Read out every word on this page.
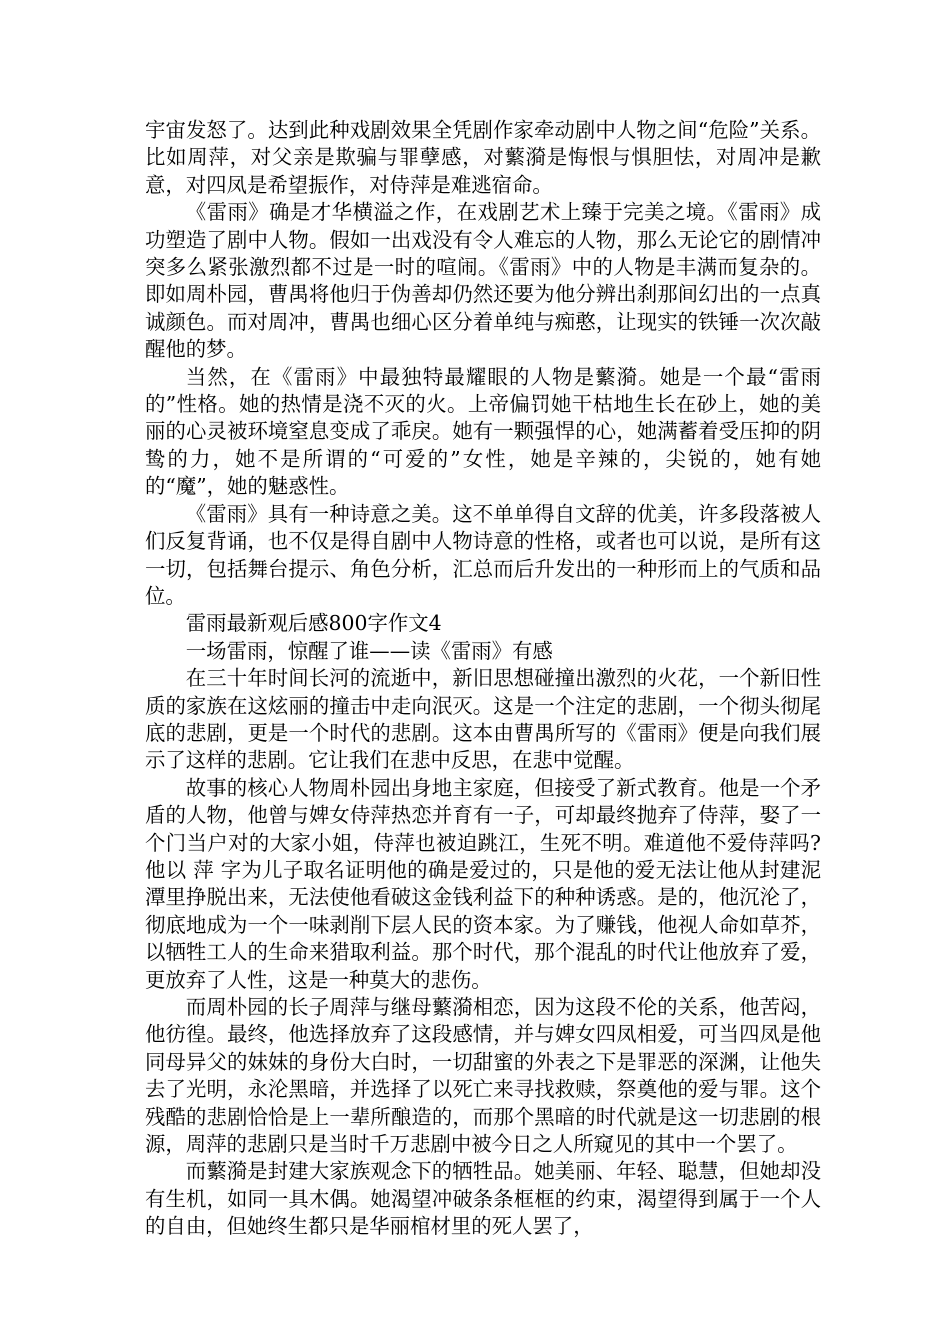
宇宙发怒了。达到此种戏剧效果全凭剧作家牵动剧中人物之间“危险”关系。比如周萍，对父亲是欺骗与罪孽感，对蘩漪是悔恨与惧胆怯，对周冲是歉意，对四凤是希望振作，对侍萍是难逃宿命。

《雷雨》确是才华横溢之作，在戏剧艺术上臻于完美之境。《雷雨》成功塑造了剧中人物。假如一出戏没有令人难忘的人物，那么无论它的剧情冲突多么紧张激烈都不过是一时的喧闹。《雷雨》中的人物是丰满而复杂的。即如周朴园，曹禺将他归于伪善却仍然还要为他分辨出刹那间幻出的一点真诚颜色。而对周冲，曹禺也细心区分着单纯与痴憨，让现实的铁锤一次次敲醒他的梦。

当然，在《雷雨》中最独特最耀眼的人物是蘩漪。她是一个最“雷雨的”性格。她的热情是浇不灭的火。上帝偏罚她干枯地生长在砂上，她的美丽的心灵被环境窒息变成了乖戾。她有一颗强悍的心，她满蓄着受压抑的阴鸷的力，她不是所谓的“可爱的”女性，她是辛辣的，尖锐的，她有她的“魔”，她的魅惑性。

《雷雨》具有一种诗意之美。这不单单得自文辞的优美，许多段落被人们反复背诵，也不仅是得自剧中人物诗意的性格，或者也可以说，是所有这一切，包括舞台提示、角色分析，汇总而后升发出的一种形而上的气质和品位。

雷雨最新观后感800字作文4

一场雷雨，惊醒了谁——读《雷雨》有感

在三十年时间长河的流逝中，新旧思想碰撞出激烈的火花，一个新旧性质的家族在这炫丽的撞击中走向泯灭。这是一个注定的悲剧，一个彻头彻尾底的悲剧，更是一个时代的悲剧。这本由曹禺所写的《雷雨》便是向我们展示了这样的悲剧。它让我们在悲中反思，在悲中觉醒。

故事的核心人物周朴园出身地主家庭，但接受了新式教育。他是一个矛盾的人物，他曾与婢女侍萍热恋并育有一子，可却最终抛弃了侍萍，娶了一个门当户对的大家小姐，侍萍也被迫跳江，生死不明。难道他不爱侍萍吗?他以 萍 字为儿子取名证明他的确是爱过的，只是他的爱无法让他从封建泥潭里挣脱出来，无法使他看破这金钱利益下的种种诱惑。是的，他沉沦了，彻底地成为一个一味剥削下层人民的资本家。为了赚钱，他视人命如草芥，以牺牲工人的生命来猎取利益。那个时代，那个混乱的时代让他放弃了爱，更放弃了人性，这是一种莫大的悲伤。

而周朴园的长子周萍与继母蘩漪相恋，因为这段不伦的关系，他苦闷，他彷徨。最终，他选择放弃了这段感情，并与婢女四凤相爱，可当四凤是他同母异父的妹妹的身份大白时，一切甜蜜的外表之下是罪恶的深渊，让他失去了光明，永沦黑暗，并选择了以死亡来寻找救赎，祭奠他的爱与罪。这个残酷的悲剧恰恰是上一辈所酿造的，而那个黑暗的时代就是这一切悲剧的根源，周萍的悲剧只是当时千万悲剧中被今日之人所窥见的其中一个罢了。

而蘩漪是封建大家族观念下的牺牲品。她美丽、年轻、聪慧，但她却没有生机，如同一具木偶。她渴望冲破条条框框的约束，渴望得到属于一个人的自由，但她终生都只是华丽棺材里的死人罢了，
